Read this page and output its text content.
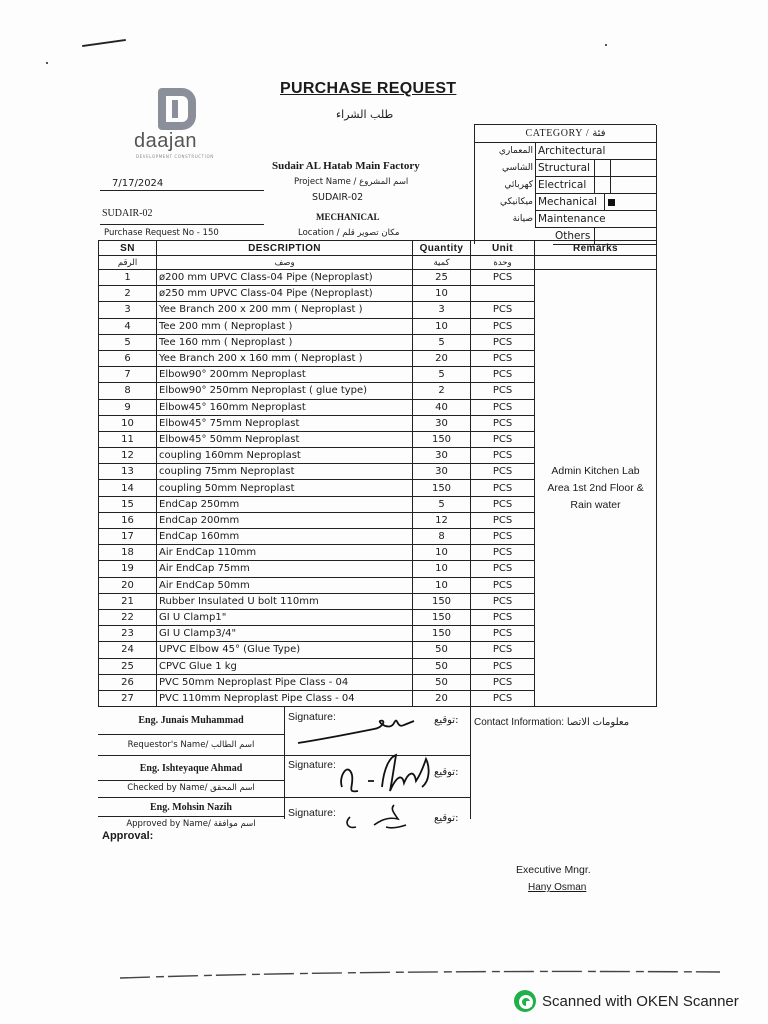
daajan
DEVELOPMENT CONSTRUCTION
PURCHASE REQUEST
طلب الشراء
Sudair AL Hatab Main Factory
Project Name / اسم المشروع
SUDAIR-02
MECHANICAL
Location / مكان تصوير قلم
7/17/2024
SUDAIR-02
Purchase Request No - 150
CATEGORY / فئة
المعماري Architectural
الشاسي Structural
كهربائي Electrical
ميكانيكي Mechanical
صيانة Maintenance
Others
SN	DESCRIPTION	Quantity	Unit	Remarks
الرقم	وصف	كمية	وحدة	
1	ø200 mm UPVC Class-04 Pipe (Neproplast)	25	PCS	Admin Kitchen Lab Area 1st 2nd Floor & Rain water
2	ø250 mm UPVC Class-04 Pipe (Neproplast)	10		
3	Yee Branch 200 x 200 mm ( Neproplast )	3	PCS	
4	Tee 200 mm ( Neproplast )	10	PCS	
5	Tee 160 mm ( Neproplast )	5	PCS	
6	Yee Branch 200 x 160 mm ( Neproplast )	20	PCS	
7	Elbow90° 200mm Neproplast	5	PCS	
8	Elbow90° 250mm Neproplast ( glue type)	2	PCS	
9	Elbow45° 160mm Neproplast	40	PCS	
10	Elbow45° 75mm Neproplast	30	PCS	
11	Elbow45° 50mm Neproplast	150	PCS	
12	coupling 160mm Neproplast	30	PCS	
13	coupling 75mm Neproplast	30	PCS	
14	coupling 50mm Neproplast	150	PCS	
15	EndCap 250mm	5	PCS	
16	EndCap 200mm	12	PCS	
17	EndCap 160mm	8	PCS	
18	Air EndCap 110mm	10	PCS	
19	Air EndCap 75mm	10	PCS	
20	Air EndCap 50mm	10	PCS	
21	Rubber Insulated U bolt 110mm	150	PCS	
22	GI U Clamp1"	150	PCS	
23	GI U Clamp3/4"	150	PCS	
24	UPVC Elbow 45° (Glue Type)	50	PCS	
25	CPVC Glue 1 kg	50	PCS	
26	PVC 50mm Neproplast Pipe Class - 04	50	PCS	
27	PVC 110mm Neproplast Pipe Class - 04	20	PCS	
Contact Information: معلومات الاتصا
Eng. Junais Muhammad
Requestor's Name/ اسم الطالب
Eng. Ishteyaque Ahmad
Checked by Name/ اسم المحقق
Eng. Mohsin Nazih
Approved by Name/ اسم موافقة
Signature:	توقيع:
Signature:
توقيع:
Signature:	توقيع:
Approval:
Executive Mngr.
Hany Osman
Scanned with OKEN Scanner
